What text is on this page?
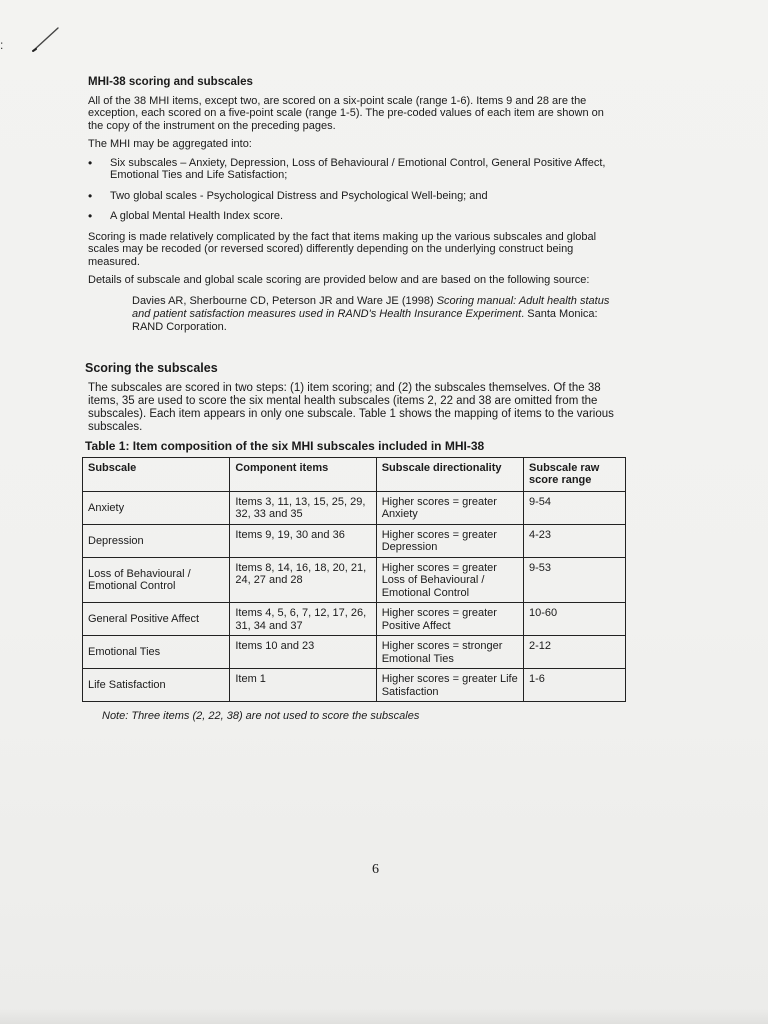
:
MHI-38 scoring and subscales

All of the 38 MHI items, except two, are scored on a six-point scale (range 1-6). Items 9 and 28 are the exception, each scored on a five-point scale (range 1-5). The pre-coded values of each item are shown on the copy of the instrument on the preceding pages.

The MHI may be aggregated into:

• Six subscales – Anxiety, Depression, Loss of Behavioural / Emotional Control, General Positive Affect, Emotional Ties and Life Satisfaction;
• Two global scales - Psychological Distress and Psychological Well-being; and
• A global Mental Health Index score.

Scoring is made relatively complicated by the fact that items making up the various subscales and global scales may be recoded (or reversed scored) differently depending on the underlying construct being measured.

Details of subscale and global scale scoring are provided below and are based on the following source:

Davies AR, Sherbourne CD, Peterson JR and Ware JE (1998) Scoring manual: Adult health status and patient satisfaction measures used in RAND's Health Insurance Experiment. Santa Monica: RAND Corporation.
Scoring the subscales

The subscales are scored in two steps: (1) item scoring; and (2) the subscales themselves. Of the 38 items, 35 are used to score the six mental health subscales (items 2, 22 and 38 are omitted from the subscales). Each item appears in only one subscale. Table 1 shows the mapping of items to the various subscales.

Table 1: Item composition of the six MHI subscales included in MHI-38
Subscale	Component items	Subscale directionality	Subscale raw score range
Anxiety	Items 3, 11, 13, 15, 25, 29, 32, 33 and 35	Higher scores = greater Anxiety	9-54
Depression	Items 9, 19, 30 and 36	Higher scores = greater Depression	4-23
Loss of Behavioural / Emotional Control	Items 8, 14, 16, 18, 20, 21, 24, 27 and 28	Higher scores = greater Loss of Behavioural / Emotional Control	9-53
General Positive Affect	Items 4, 5, 6, 7, 12, 17, 26, 31, 34 and 37	Higher scores = greater Positive Affect	10-60
Emotional Ties	Items 10 and 23	Higher scores = stronger Emotional Ties	2-12
Life Satisfaction	Item 1	Higher scores = greater Life Satisfaction	1-6
Note: Three items (2, 22, 38) are not used to score the subscales
6
